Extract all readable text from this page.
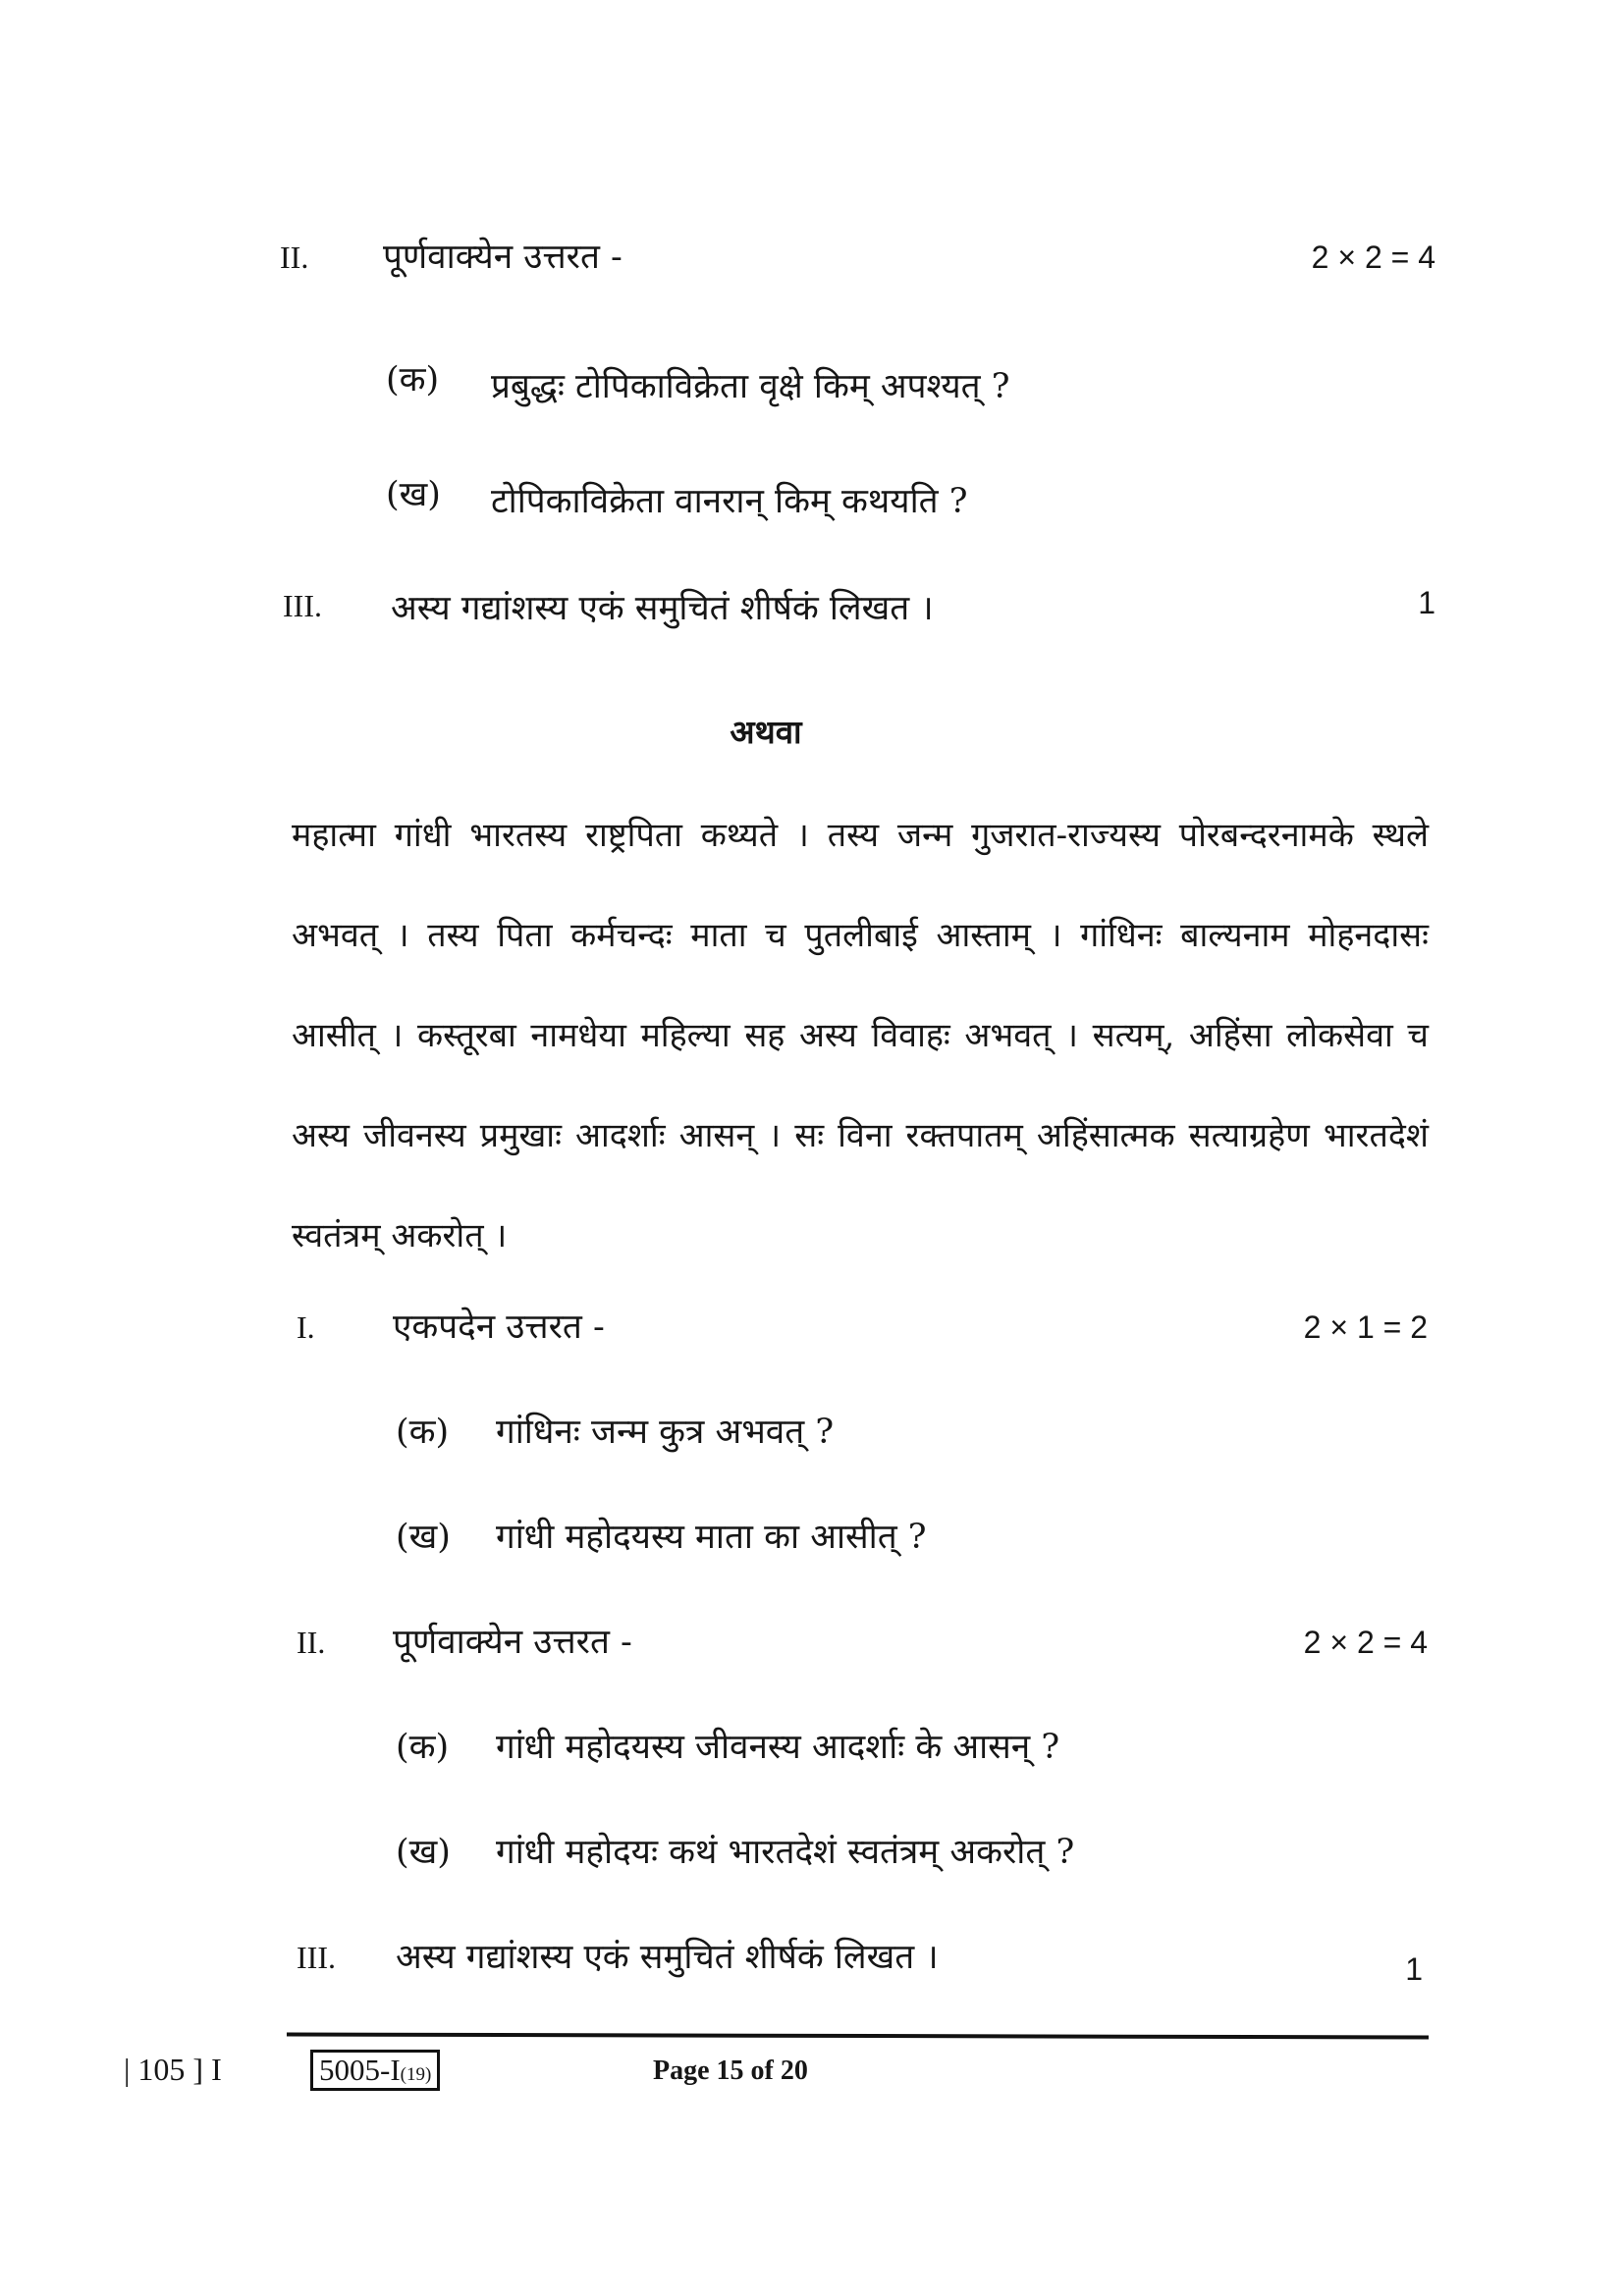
II. पूर्णवाक्येन उत्तरत -	2 × 2 = 4
(क) प्रबुद्धः टोपिकाविक्रेता वृक्षे किम् अपश्यत् ?
(ख) टोपिकाविक्रेता वानरान् किम् कथयति ?
III. अस्य गद्यांशस्य एकं समुचितं शीर्षकं लिखत ।	1
अथवा
महात्मा गांधी भारतस्य राष्ट्रपिता कथ्यते । तस्य जन्म गुजरात-राज्यस्य पोरबन्दरनामके स्थले अभवत् । तस्य पिता कर्मचन्दः माता च पुतलीबाई आस्ताम् । गांधिनः बाल्यनाम मोहनदासः आसीत् । कस्तूरबा नामधेया महिल्या सह अस्य विवाहः अभवत् । सत्यम्, अहिंसा लोकसेवा च अस्य जीवनस्य प्रमुखाः आदर्शाः आसन् । सः विना रक्तपातम् अहिंसात्मक सत्याग्रहेण भारतदेशं स्वतंत्रम् अकरोत् ।
I. एकपदेन उत्तरत -	2 × 1 = 2
(क) गांधिनः जन्म कुत्र अभवत् ?
(ख) गांधी महोदयस्य माता का आसीत् ?
II. पूर्णवाक्येन उत्तरत -	2 × 2 = 4
(क) गांधी महोदयस्य जीवनस्य आदर्शाः के आसन् ?
(ख) गांधी महोदयः कथं भारतदेशं स्वतंत्रम् अकरोत् ?
III. अस्य गद्यांशस्य एकं समुचितं शीर्षकं लिखत ।	1
| 105 ] I	5005-I(19)	Page 15 of 20
